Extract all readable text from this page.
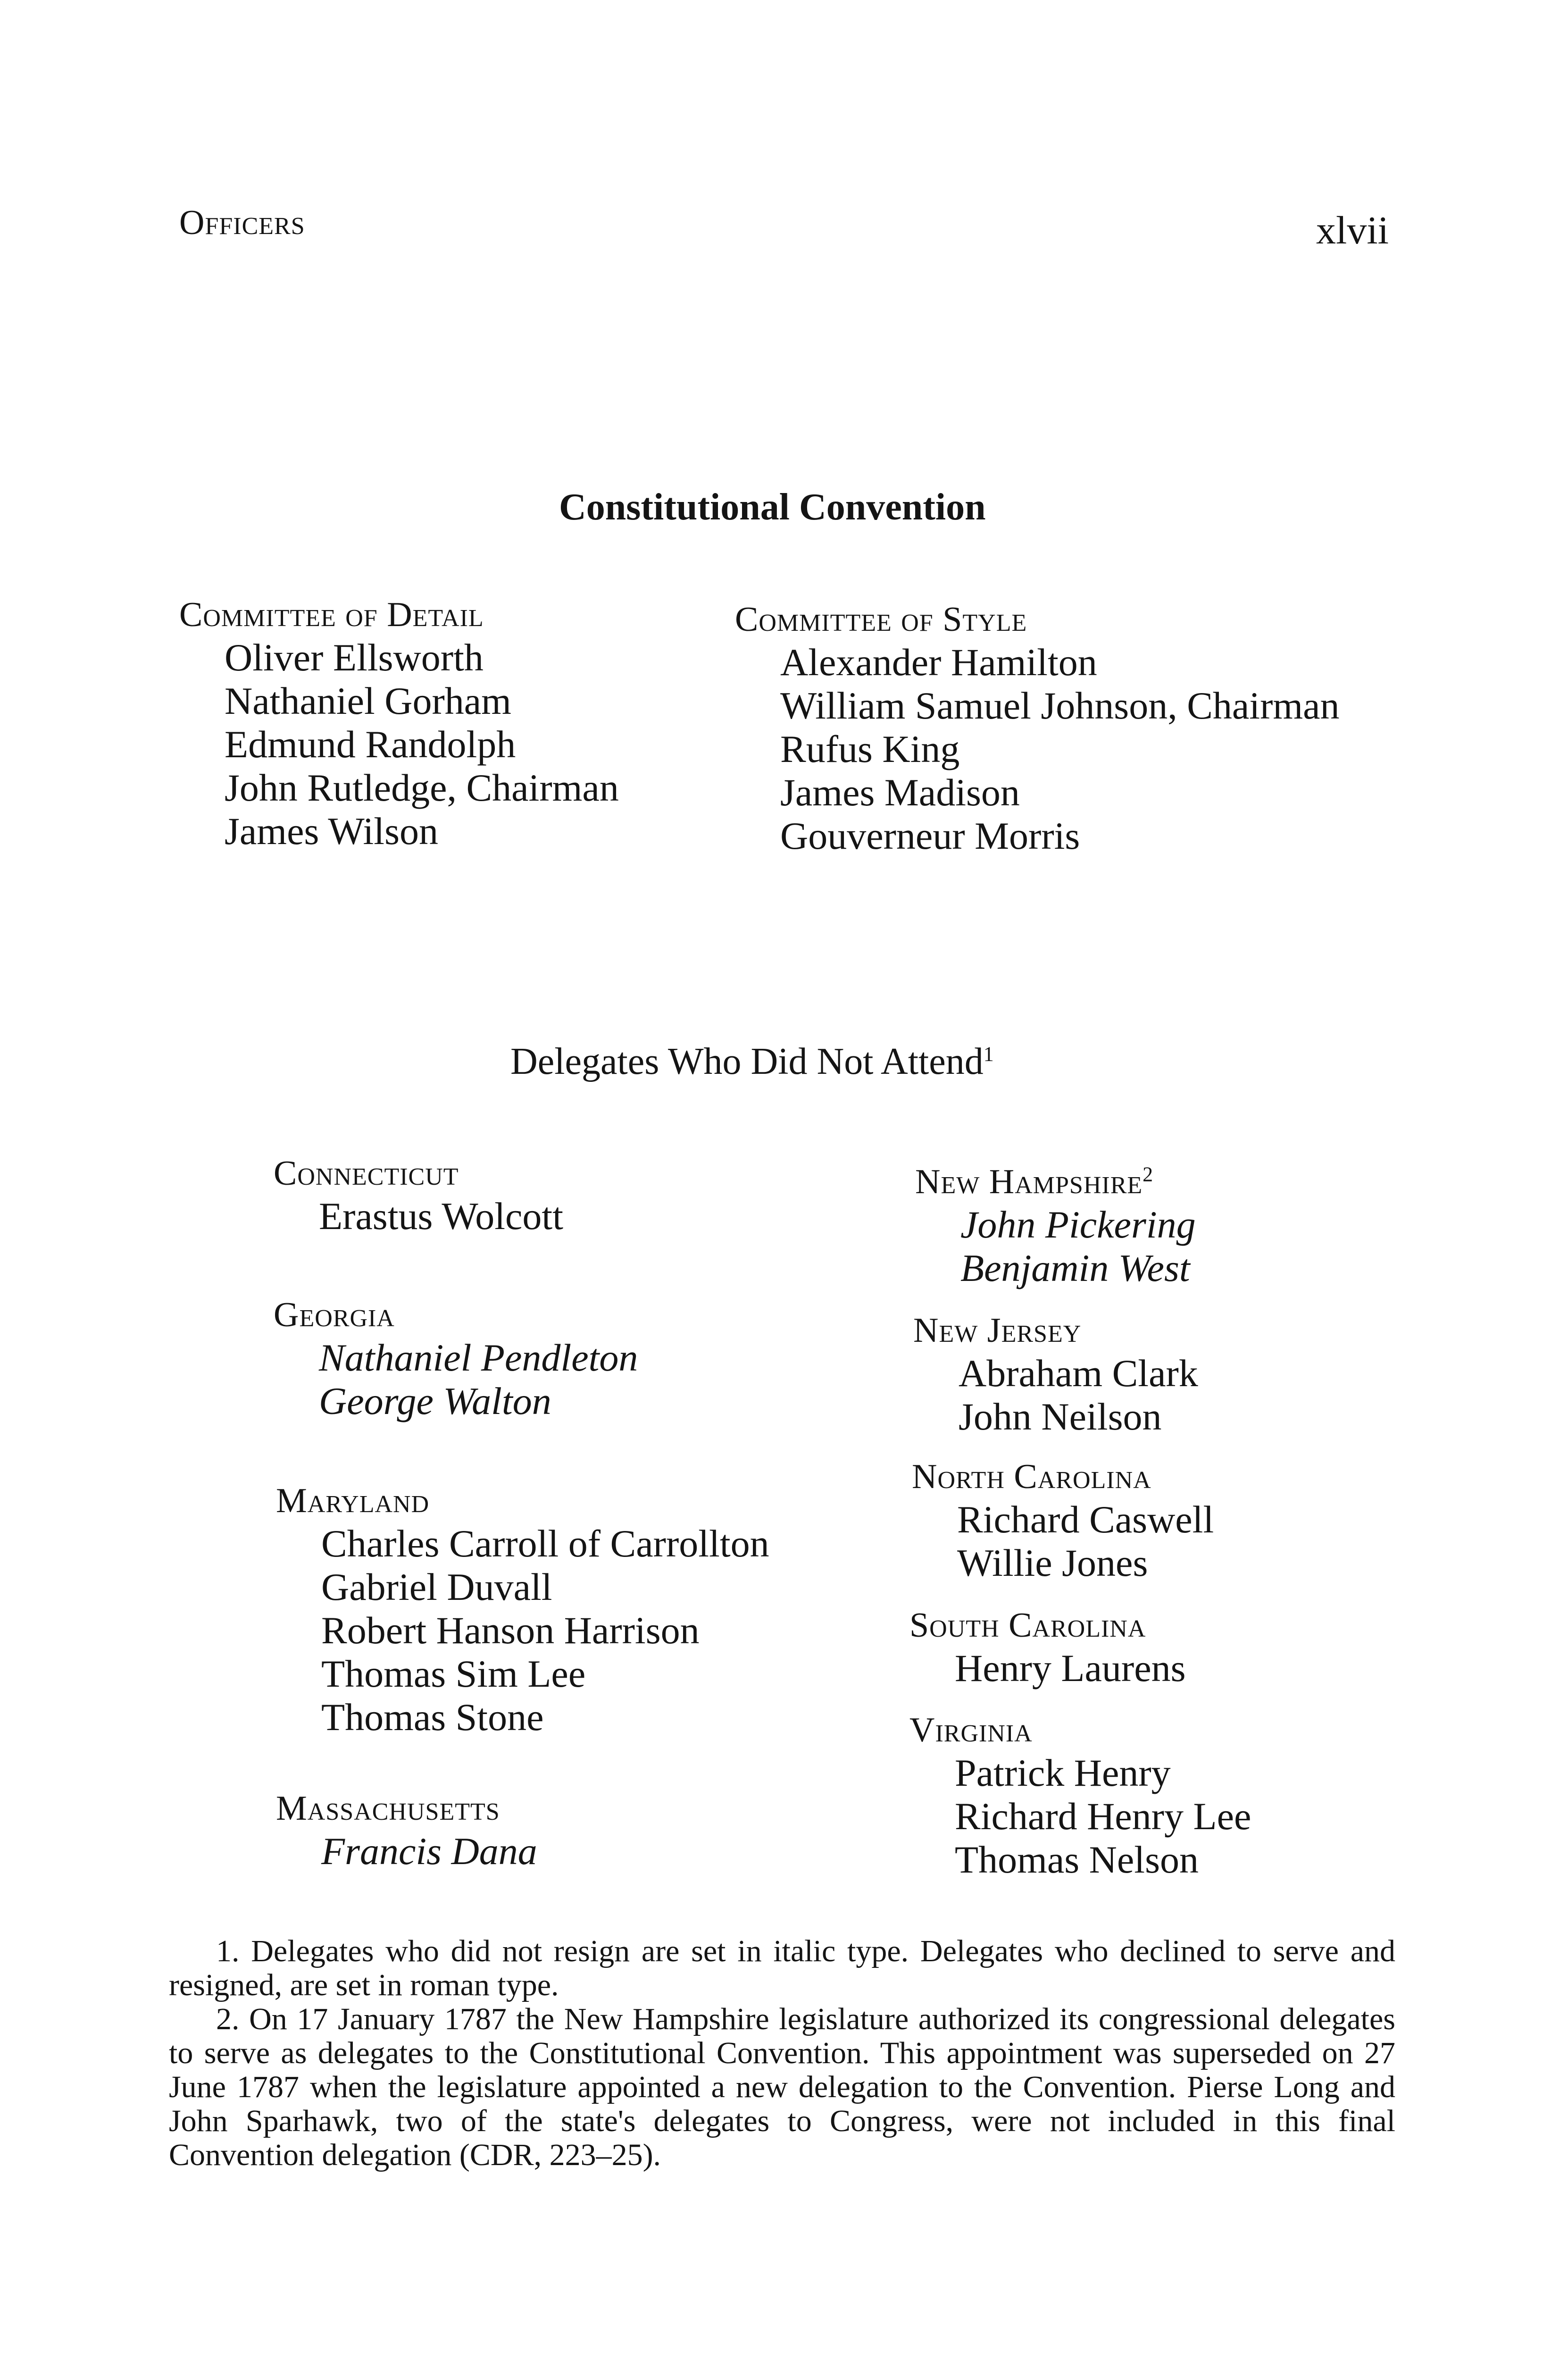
Officers	xlvii
Constitutional Convention
Committee of Detail
Oliver Ellsworth
Nathaniel Gorham
Edmund Randolph
John Rutledge, Chairman
James Wilson
Committee of Style
Alexander Hamilton
William Samuel Johnson, Chairman
Rufus King
James Madison
Gouverneur Morris
Delegates Who Did Not Attend$^1$
Connecticut
Erastus Wolcott
Georgia
Nathaniel Pendleton
George Walton
Maryland
Charles Carroll of Carrollton
Gabriel Duvall
Robert Hanson Harrison
Thomas Sim Lee
Thomas Stone
Massachusetts
Francis Dana
New Hampshire$^2$
John Pickering
Benjamin West
New Jersey
Abraham Clark
John Neilson
North Carolina
Richard Caswell
Willie Jones
South Carolina
Henry Laurens
Virginia
Patrick Henry
Richard Henry Lee
Thomas Nelson

1. Delegates who did not resign are set in italic type. Delegates who declined to serve and resigned, are set in roman type.

2. On 17 January 1787 the New Hampshire legislature authorized its congressional delegates to serve as delegates to the Constitutional Convention. This appointment was superseded on 27 June 1787 when the legislature appointed a new delegation to the Convention. Pierse Long and John Sparhawk, two of the state's delegates to Congress, were not included in this final Convention delegation (CDR, 223–25).
